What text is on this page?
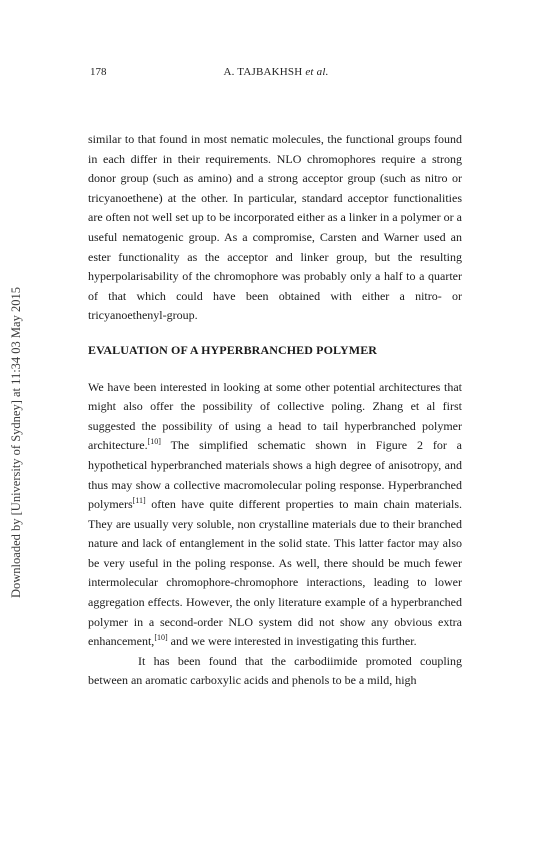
178	A. TAJBAKHSH et al.
Downloaded by [University of Sydney] at 11:34 03 May 2015

similar to that found in most nematic molecules, the functional groups found in each differ in their requirements. NLO chromophores require a strong donor group (such as amino) and a strong acceptor group (such as nitro or tricyanoethene) at the other. In particular, standard acceptor functionalities are often not well set up to be incorporated either as a linker in a polymer or a useful nematogenic group. As a compromise, Carsten and Warner used an ester functionality as the acceptor and linker group, but the resulting hyperpolarisability of the chromophore was probably only a half to a quarter of that which could have been obtained with either a nitro- or tricyanoethenyl-group.

EVALUATION OF A HYPERBRANCHED POLYMER

We have been interested in looking at some other potential architectures that might also offer the possibility of collective poling. Zhang et al first suggested the possibility of using a head to tail hyperbranched polymer architecture.[10] The simplified schematic shown in Figure 2 for a hypothetical hyperbranched materials shows a high degree of anisotropy, and thus may show a collective macromolecular poling response. Hyperbranched polymers[11] often have quite different properties to main chain materials. They are usually very soluble, non crystalline materials due to their branched nature and lack of entanglement in the solid state. This latter factor may also be very useful in the poling response. As well, there should be much fewer intermolecular chromophore-chromophore interactions, leading to lower aggregation effects. However, the only literature example of a hyperbranched polymer in a second-order NLO system did not show any obvious extra enhancement,[10] and we were interested in investigating this further.

It has been found that the carbodiimide promoted coupling between an aromatic carboxylic acids and phenols to be a mild, high
